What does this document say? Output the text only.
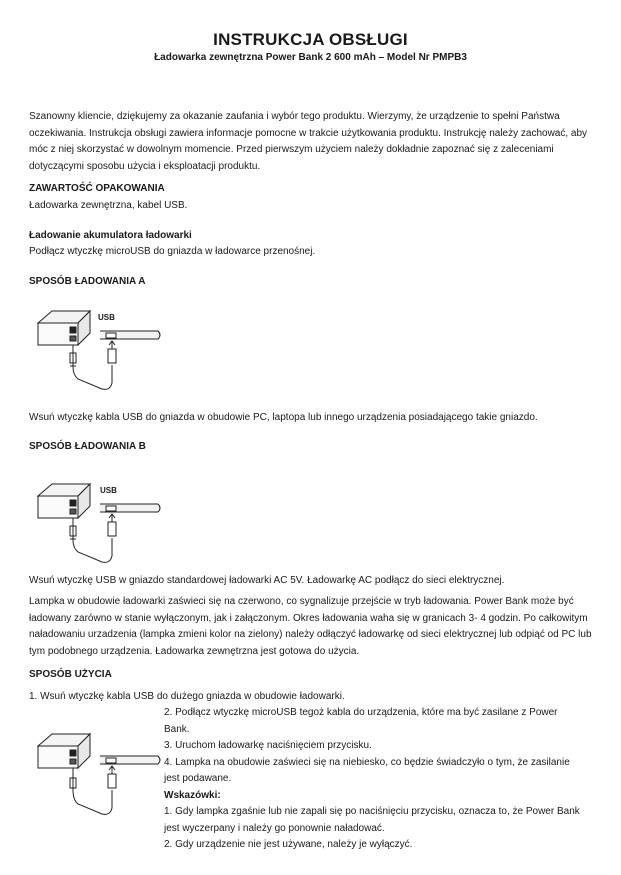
INSTRUKCJA OBSŁUGI
Ładowarka zewnętrzna Power Bank 2 600 mAh – Model Nr PMPB3
Szanowny kliencie, dziękujemy za okazanie zaufania i wybór tego produktu. Wierzymy, że urządzenie to spełni Państwa oczekiwania. Instrukcja obsługi zawiera informacje pomocne w trakcie użytkowania produktu. Instrukcję należy zachować, aby móc z niej skorzystać w dowolnym momencie. Przed pierwszym użyciem należy dokładnie zapoznać się z zaleceniami dotyczącymi sposobu użycia i eksploatacji produktu.
ZAWARTOŚĆ OPAKOWANIA
Ładowarka zewnętrzna, kabel USB.
Ładowanie akumulatora ładowarki
Podłącz wtyczkę microUSB do gniazda w ładowarce przenośnej.
SPOSÓB ŁADOWANIA A
USB
Wsuń wtyczkę kabla USB do gniazda w obudowie PC, laptopa lub innego urządzenia posiadającego takie gniazdo.
SPOSÓB ŁADOWANIA B
USB
Wsuń wtyczkę USB w gniazdo standardowej ładowarki AC 5V. Ładowarkę AC podłącz do sieci elektrycznej.
Lampka w obudowie ładowarki zaświeci się na czerwono, co sygnalizuje przejście w tryb ładowania. Power Bank może być ładowany zarówno w stanie wyłączonym, jak i załączonym. Okres ładowania waha się w granicach 3- 4 godzin. Po całkowitym naładowaniu urzadzenia (lampka zmieni kolor na zielony) należy odłączyć ładowarkę od sieci elektrycznej lub odpiąć od PC lub tym podobnego urządzenia. Ładowarka zewnętrzna jest gotowa do użycia.
SPOSÓB UŻYCIA
1. Wsuń wtyczkę kabla USB do dużego gniazda w obudowie ładowarki.
2. Podłącz wtyczkę microUSB tegoż kabla do urządzenia, które ma być zasilane z Power Bank.
3. Uruchom ładowarkę naciśnięciem przycisku.
4. Lampka na obudowie zaświeci się na niebiesko, co będzie świadczyło o tym, że zasilanie jest podawane.
Wskazówki:
1. Gdy lampka zgaśnie lub nie zapali się po naciśnięciu przycisku, oznacza to, że Power Bank jest wyczerpany i należy go ponownie naładować.
2. Gdy urządzenie nie jest używane, należy je wyłączyć.
